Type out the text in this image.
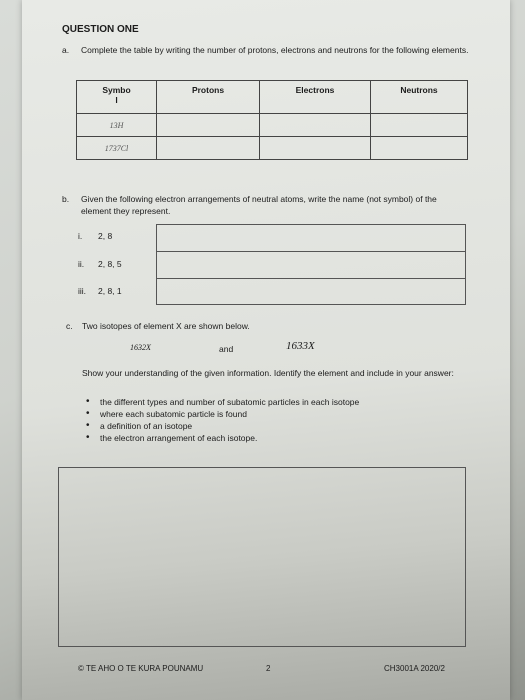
QUESTION ONE
a. Complete the table by writing the number of protons, electrons and neutrons for the following elements.
Symbo
l	Protons	Electrons	Neutrons
13H			
1737Cl			
b. Given the following electron arrangements of neutral atoms, write the name (not symbol) of the element they represent.
i. 2, 8
ii. 2, 8, 5
iii. 2, 8, 1
c. Two isotopes of element X are shown below.
1632X	and	1633X
Show your understanding of the given information. Identify the element and include in your answer:
• the different types and number of subatomic particles in each isotope
• where each subatomic particle is found
• a definition of an isotope
• the electron arrangement of each isotope.
© TE AHO O TE KURA POUNAMU	2	CH3001A 2020/2
